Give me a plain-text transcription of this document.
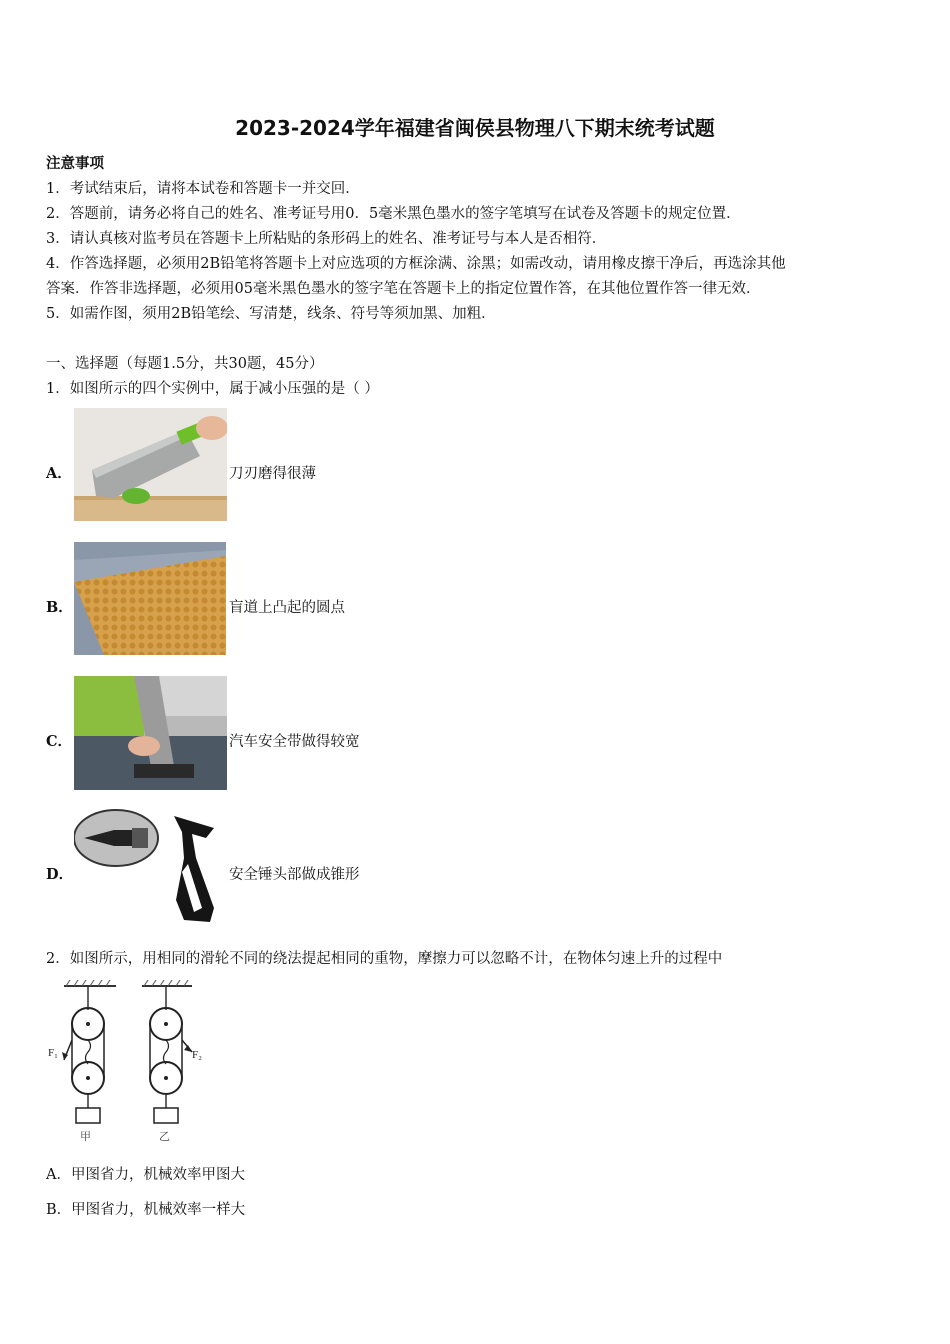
2023-2024学年福建省闽侯县物理八下期末统考试题
注意事项
1．考试结束后，请将本试卷和答题卡一并交回．
2．答题前，请务必将自己的姓名、准考证号用0．5毫米黑色墨水的签字笔填写在试卷及答题卡的规定位置．
3．请认真核对监考员在答题卡上所粘贴的条形码上的姓名、准考证号与本人是否相符．
4．作答选择题，必须用2B铅笔将答题卡上对应选项的方框涂满、涂黑；如需改动，请用橡皮擦干净后，再选涂其他
答案．作答非选择题，必须用05毫米黑色墨水的签字笔在答题卡上的指定位置作答，在其他位置作答一律无效．
5．如需作图，须用2B铅笔绘、写清楚，线条、符号等须加黑、加粗．
一、选择题（每题1.5分，共30题，45分）
1．如图所示的四个实例中，属于减小压强的是（ ）
A．	刀刃磨得很薄
B．	盲道上凸起的圆点
C．	汽车安全带做得较宽
D．	安全锤头部做成锥形
2．如图所示，用相同的滑轮不同的绕法提起相同的重物，摩擦力可以忽略不计，在物体匀速上升的过程中
F₁	F₂
甲	乙
A．甲图省力，机械效率甲图大
B．甲图省力，机械效率一样大
